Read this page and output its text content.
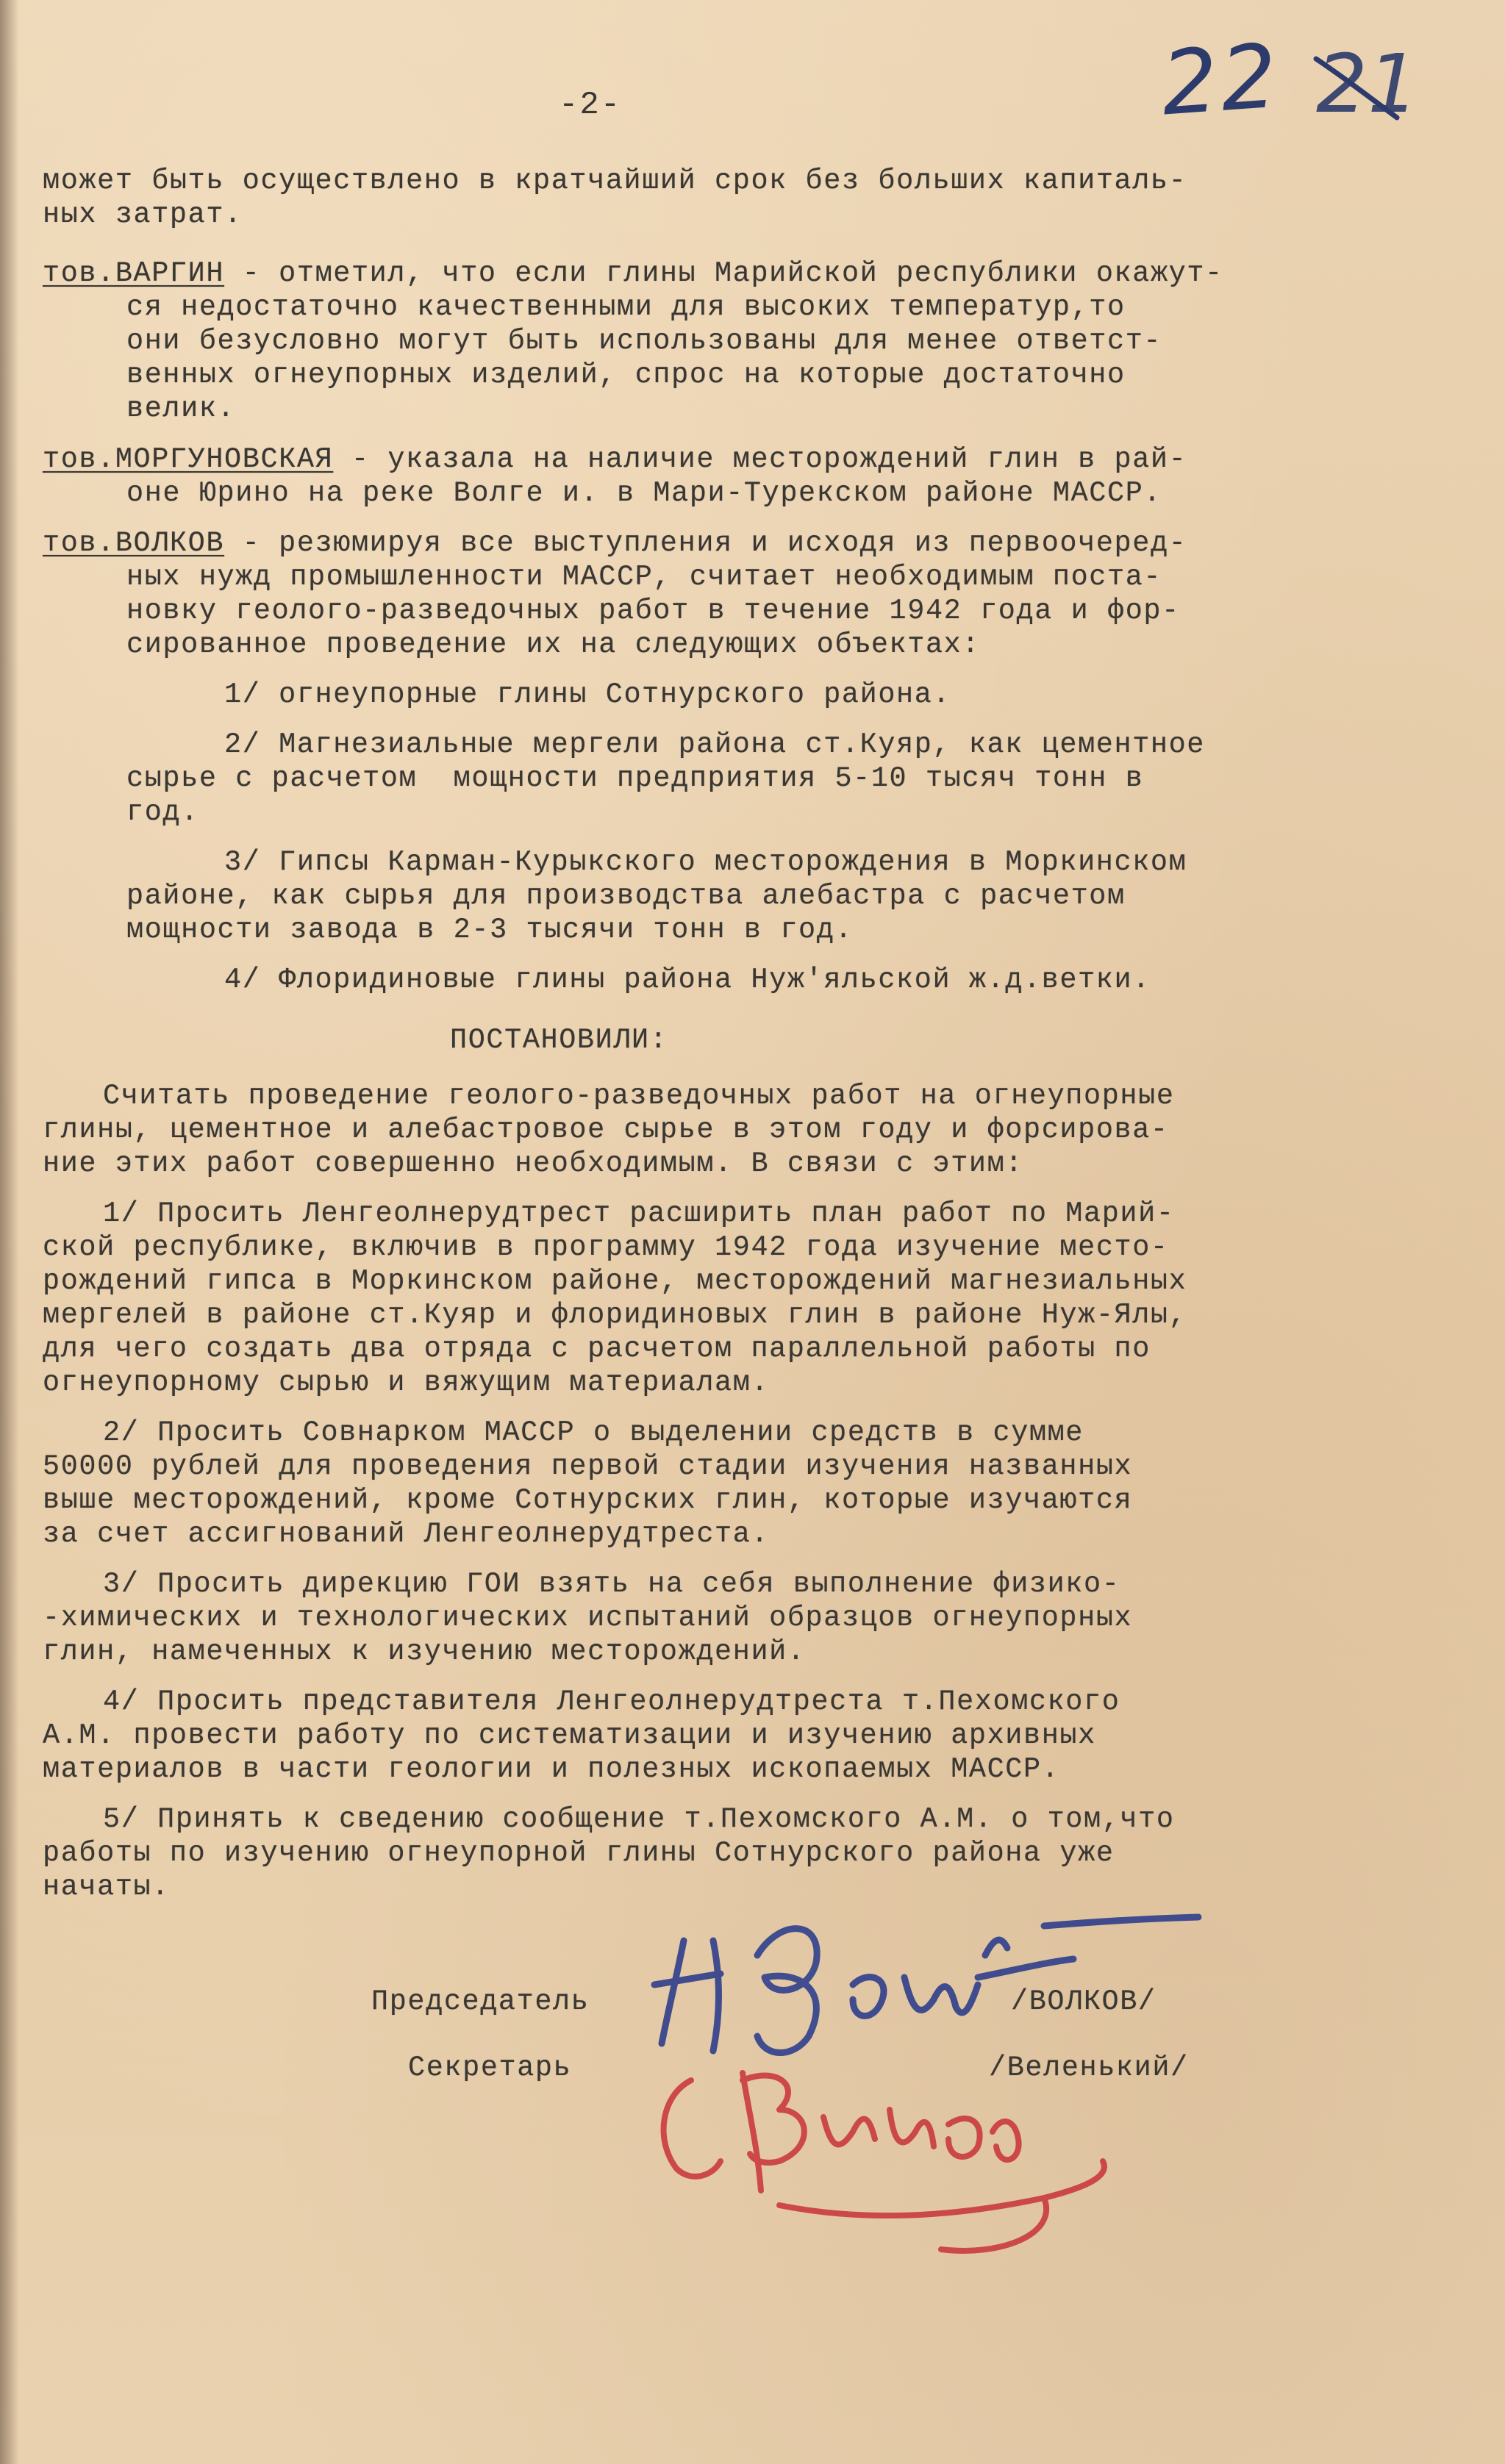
-2-	22 21
может быть осуществлено в кратчайший срок без больших капиталь-
ных затрат.
тов.ВАРГИН - отметил, что если глины Марийской республики окажут-
ся недостаточно качественными для высоких температур,то
они безусловно могут быть использованы для менее ответст-
венных огнеупорных изделий, спрос на которые достаточно
велик.
тов.МОРГУНОВСКАЯ - указала на наличие месторождений глин в рай-
оне Юрино на реке Волге и. в Мари-Турекском районе МАССР.
тов.ВОЛКОВ - резюмируя все выступления и исходя из первоочеред-
ных нужд промышленности МАССР, считает необходимым поста-
новку геолого-разведочных работ в течение 1942 года и фор-
сированное проведение их на следующих объектах:
1/ огнеупорные глины Сотнурского района.
2/ Магнезиальные мергели района ст.Куяр, как цементное
сырье с расчетом  мощности предприятия 5-10 тысяч тонн в
год.
3/ Гипсы Карман-Курыкского месторождения в Моркинском
районе, как сырья для производства алебастра с расчетом
мощности завода в 2-3 тысячи тонн в год.
4/ Флоридиновые глины района Нуж'яльской ж.д.ветки.
ПОСТАНОВИЛИ:
Считать проведение геолого-разведочных работ на огнеупорные
глины, цементное и алебастровое сырье в этом году и форсирова-
ние этих работ совершенно необходимым. В связи с этим:
1/ Просить Ленгеолнерудтрест расширить план работ по Марий-
ской республике, включив в программу 1942 года изучение место-
рождений гипса в Моркинском районе, месторождений магнезиальных
мергелей в районе ст.Куяр и флоридиновых глин в районе Нуж-Ялы,
для чего создать два отряда с расчетом параллельной работы по
огнеупорному сырью и вяжущим материалам.
2/ Просить Совнарком МАССР о выделении средств в сумме
50000 рублей для проведения первой стадии изучения названных
выше месторождений, кроме Сотнурских глин, которые изучаются
за счет ассигнований Ленгеолнерудтреста.
3/ Просить дирекцию ГОИ взять на себя выполнение физико-
-химических и технологических испытаний образцов огнеупорных
глин, намеченных к изучению месторождений.
4/ Просить представителя Ленгеолнерудтреста т.Пехомского
А.М. провести работу по систематизации и изучению архивных
материалов в части геологии и полезных ископаемых МАССР.
5/ Принять к сведению сообщение т.Пехомского А.М. о том,что
работы по изучению огнеупорной глины Сотнурского района уже
начаты.
Председатель	/ВОЛКОВ/
Секретарь	/Веленький/
